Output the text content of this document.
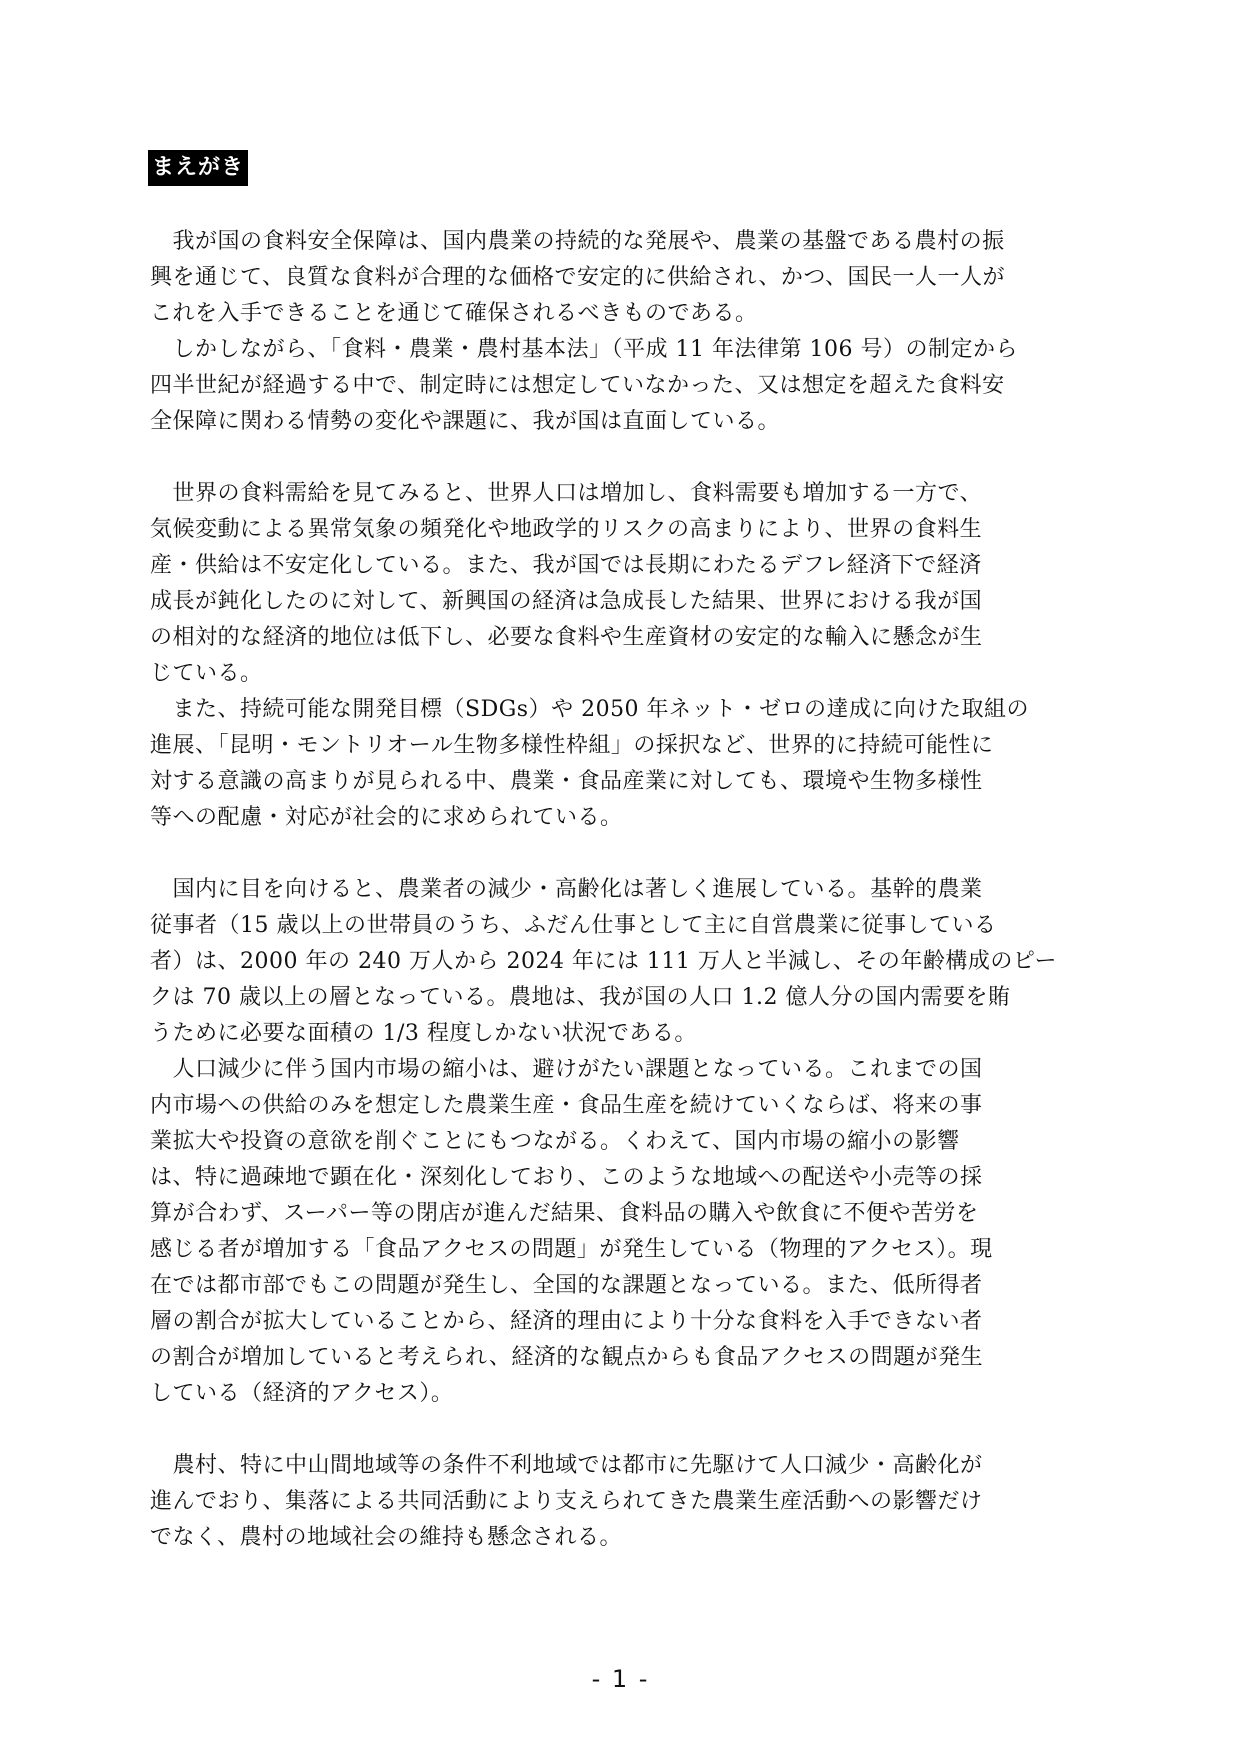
まえがき
　我が国の食料安全保障は、国内農業の持続的な発展や、農業の基盤である農村の振
興を通じて、良質な食料が合理的な価格で安定的に供給され、かつ、国民一人一人が
これを入手できることを通じて確保されるべきものである。
　しかしながら、「食料・農業・農村基本法」（平成 11 年法律第 106 号）の制定から
四半世紀が経過する中で、制定時には想定していなかった、又は想定を超えた食料安
全保障に関わる情勢の変化や課題に、我が国は直面している。
　世界の食料需給を見てみると、世界人口は増加し、食料需要も増加する一方で、
気候変動による異常気象の頻発化や地政学的リスクの高まりにより、世界の食料生
産・供給は不安定化している。また、我が国では長期にわたるデフレ経済下で経済
成長が鈍化したのに対して、新興国の経済は急成長した結果、世界における我が国
の相対的な経済的地位は低下し、必要な食料や生産資材の安定的な輸入に懸念が生
じている。
　また、持続可能な開発目標（SDGs）や 2050 年ネット・ゼロの達成に向けた取組の
進展、「昆明・モントリオール生物多様性枠組」の採択など、世界的に持続可能性に
対する意識の高まりが見られる中、農業・食品産業に対しても、環境や生物多様性
等への配慮・対応が社会的に求められている。
　国内に目を向けると、農業者の減少・高齢化は著しく進展している。基幹的農業
従事者（15 歳以上の世帯員のうち、ふだん仕事として主に自営農業に従事している
者）は、2000 年の 240 万人から 2024 年には 111 万人と半減し、その年齢構成のピー
クは 70 歳以上の層となっている。農地は、我が国の人口 1.2 億人分の国内需要を賄
うために必要な面積の 1/3 程度しかない状況である。
　人口減少に伴う国内市場の縮小は、避けがたい課題となっている。これまでの国
内市場への供給のみを想定した農業生産・食品生産を続けていくならば、将来の事
業拡大や投資の意欲を削ぐことにもつながる。くわえて、国内市場の縮小の影響
は、特に過疎地で顕在化・深刻化しており、このような地域への配送や小売等の採
算が合わず、スーパー等の閉店が進んだ結果、食料品の購入や飲食に不便や苦労を
感じる者が増加する「食品アクセスの問題」が発生している（物理的アクセス）。現
在では都市部でもこの問題が発生し、全国的な課題となっている。また、低所得者
層の割合が拡大していることから、経済的理由により十分な食料を入手できない者
の割合が増加していると考えられ、経済的な観点からも食品アクセスの問題が発生
している（経済的アクセス）。
　農村、特に中山間地域等の条件不利地域では都市に先駆けて人口減少・高齢化が
進んでおり、集落による共同活動により支えられてきた農業生産活動への影響だけ
でなく、農村の地域社会の維持も懸念される。
- 1 -
